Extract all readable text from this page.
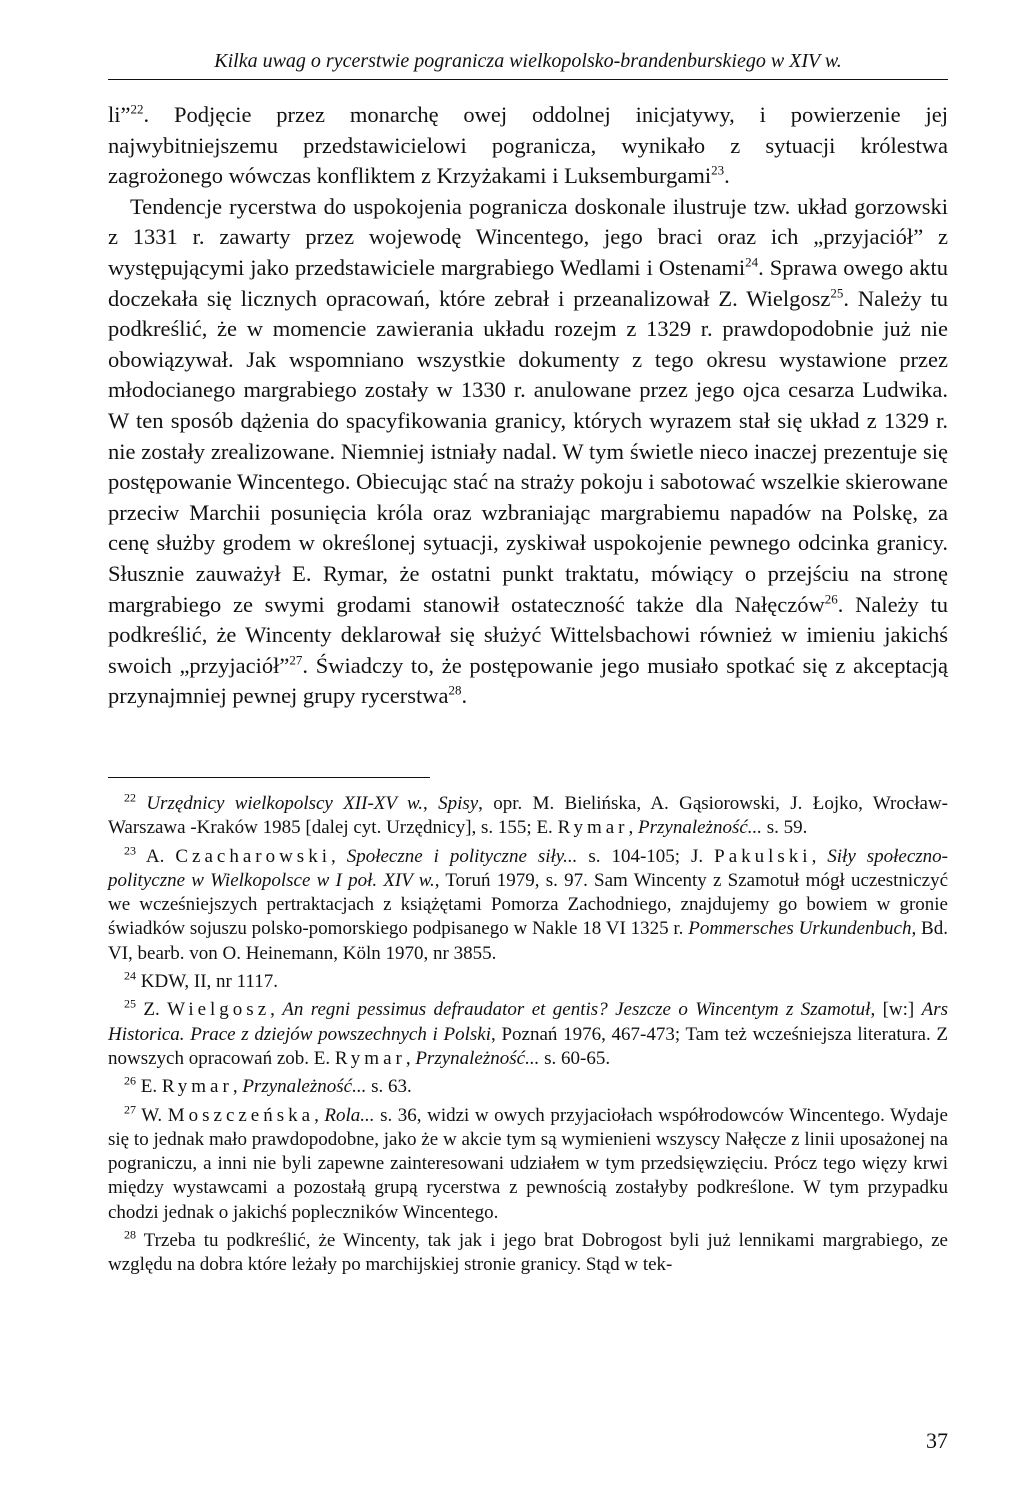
Kilka uwag o rycerstwie pogranicza wielkopolsko-brandenburskiego w XIV w.

li”$^{22}$. Podjęcie przez monarchę owej oddolnej inicjatywy, i powierzenie jej najwybitniejszemu przedstawicielowi pogranicza, wynikało z sytuacji królestwa zagrożonego wówczas konfliktem z Krzyżakami i Luksemburgami$^{23}$.

Tendencje rycerstwa do uspokojenia pogranicza doskonale ilustruje tzw. układ gorzowski z 1331 r. zawarty przez wojewodę Wincentego, jego braci oraz ich „przyjaciół” z występującymi jako przedstawiciele margrabiego Wedlami i Ostenami$^{24}$. Sprawa owego aktu doczekała się licznych opracowań, które zebrał i przeanalizował Z. Wielgosz$^{25}$. Należy tu podkreślić, że w momencie zawierania układu rozejm z 1329 r. prawdopodobnie już nie obowiązywał. Jak wspomniano wszystkie dokumenty z tego okresu wystawione przez młodocianego margrabiego zostały w 1330 r. anulowane przez jego ojca cesarza Ludwika. W ten sposób dążenia do spacyfikowania granicy, których wyrazem stał się układ z 1329 r. nie zostały zrealizowane. Niemniej istniały nadal. W tym świetle nieco inaczej prezentuje się postępowanie Wincentego. Obiecując stać na straży pokoju i sabotować wszelkie skierowane przeciw Marchii posunięcia króla oraz wzbraniając margrabiemu napadów na Polskę, za cenę służby grodem w określonej sytuacji, zyskiwał uspokojenie pewnego odcinka granicy. Słusznie zauważył E. Rymar, że ostatni punkt traktatu, mówiący o przejściu na stronę margrabiego ze swymi grodami stanowił ostateczność także dla Nałęczów$^{26}$. Należy tu podkreślić, że Wincenty deklarował się służyć Wittelsbachowi również w imieniu jakichś swoich „przyjaciół”$^{27}$. Świadczy to, że postępowanie jego musiało spotkać się z akceptacją przynajmniej pewnej grupy rycerstwa$^{28}$.

$^{22}$ Urzędnicy wielkopolscy XII-XV w., Spisy, opr. M. Bielińska, A. Gąsiorowski, J. Łojko, Wrocław-Warszawa -Kraków 1985 [dalej cyt. Urzędnicy], s. 155; E. Rymar, Przynależność... s. 59.

$^{23}$ A. Czacharowski, Społeczne i polityczne siły... s. 104-105; J. Pakulski, Siły społeczno-polityczne w Wielkopolsce w I poł. XIV w., Toruń 1979, s. 97. Sam Wincenty z Szamotuł mógł uczestniczyć we wcześniejszych pertraktacjach z książętami Pomorza Zachodniego, znajdujemy go bowiem w gronie świadków sojuszu polsko-pomorskiego podpisanego w Nakle 18 VI 1325 r. Pommersches Urkundenbuch, Bd. VI, bearb. von O. Heinemann, Köln 1970, nr 3855.

$^{24}$ KDW, II, nr 1117.

$^{25}$ Z. Wielgosz, An regni pessimus defraudator et gentis? Jeszcze o Wincentym z Szamotuł, [w:] Ars Historica. Prace z dziejów powszechnych i Polski, Poznań 1976, 467-473; Tam też wcześniejsza literatura. Z nowszych opracowań zob. E. Rymar, Przynależność... s. 60-65.

$^{26}$ E. Rymar, Przynależność... s. 63.

$^{27}$ W. Moszczeńska, Rola... s. 36, widzi w owych przyjaciołach współrodowców Wincentego. Wydaje się to jednak mało prawdopodobne, jako że w akcie tym są wymienieni wszyscy Nałęcze z linii uposażonej na pograniczu, a inni nie byli zapewne zainteresowani udziałem w tym przedsięwzięciu. Prócz tego więzy krwi między wystawcami a pozostałą grupą rycerstwa z pewnością zostałyby podkreślone. W tym przypadku chodzi jednak o jakichś popleczników Wincentego.

$^{28}$ Trzeba tu podkreślić, że Wincenty, tak jak i jego brat Dobrogost byli już lennikami margrabiego, ze względu na dobra które leżały po marchijskiej stronie granicy. Stąd w tek-

37
